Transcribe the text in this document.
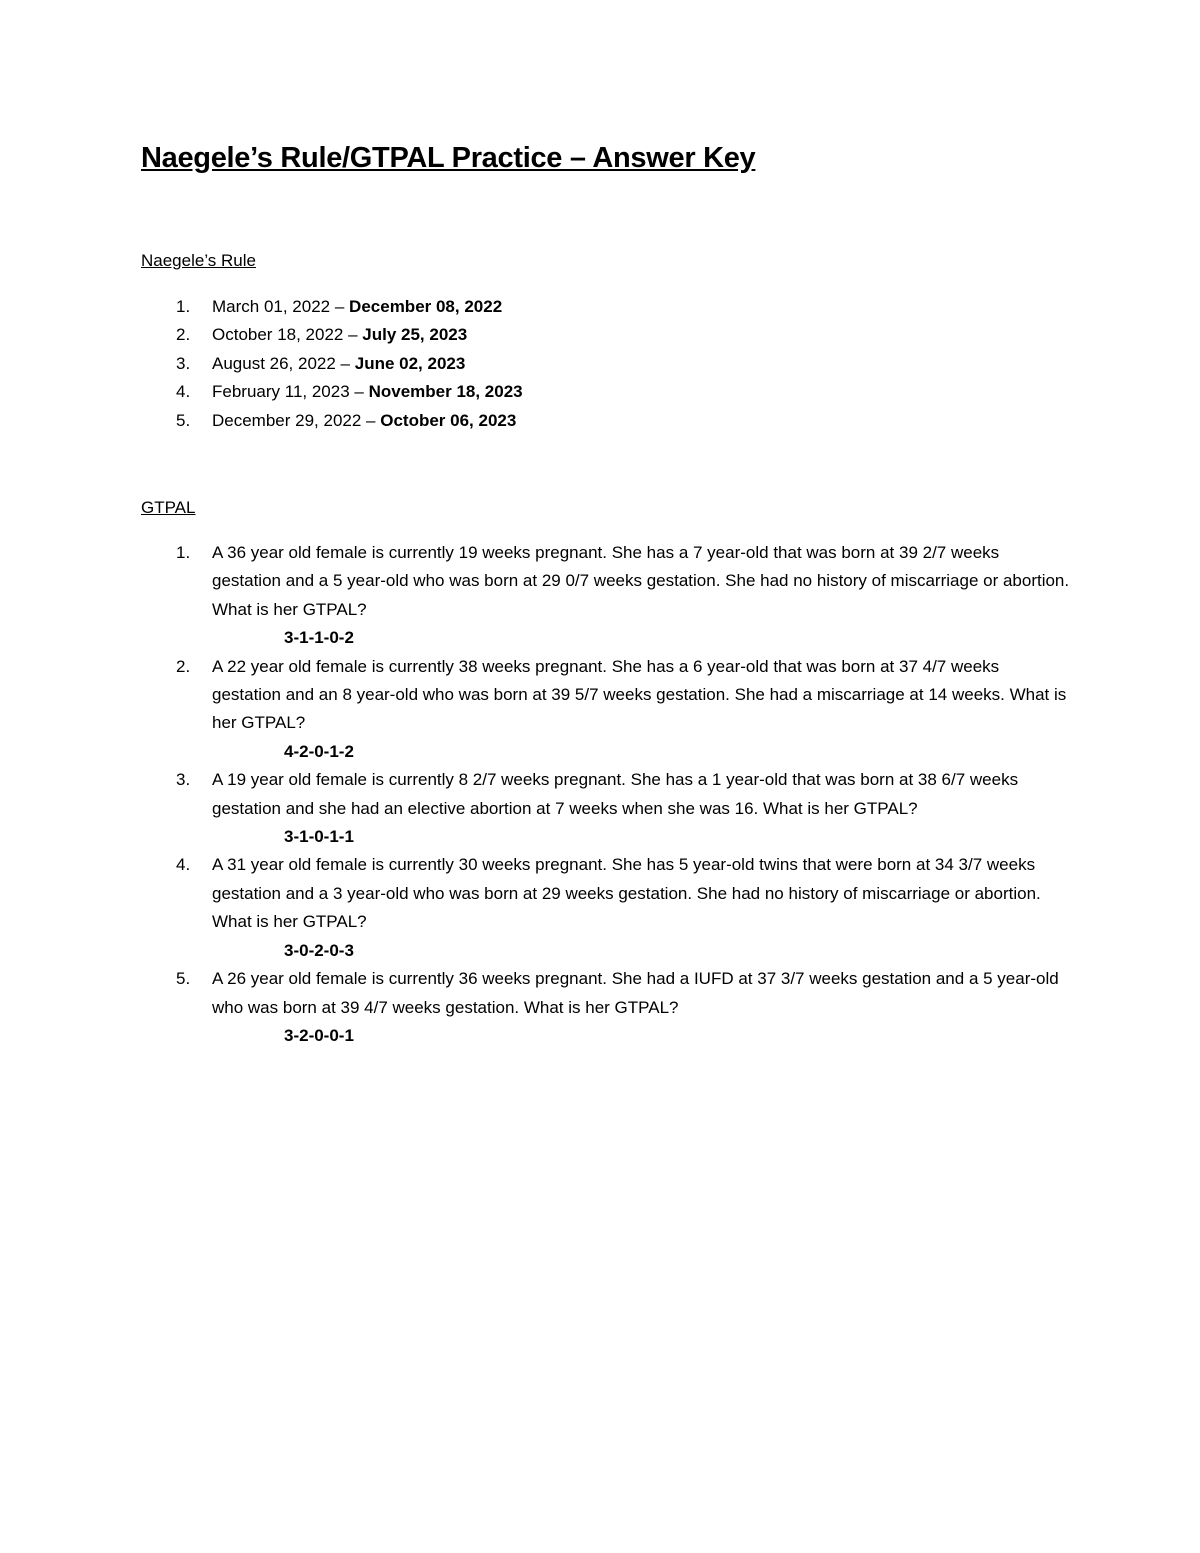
Naegele’s Rule/GTPAL Practice – Answer Key

Naegele’s Rule

1. March 01, 2022 – December 08, 2022
2. October 18, 2022 – July 25, 2023
3. August 26, 2022 – June 02, 2023
4. February 11, 2023 – November 18, 2023
5. December 29, 2022 – October 06, 2023

GTPAL

1. A 36 year old female is currently 19 weeks pregnant. She has a 7 year-old that was born at 39 2/7 weeks gestation and a 5 year-old who was born at 29 0/7 weeks gestation. She had no history of miscarriage or abortion. What is her GTPAL?
3-1-1-0-2
2. A 22 year old female is currently 38 weeks pregnant. She has a 6 year-old that was born at 37 4/7 weeks gestation and an 8 year-old who was born at 39 5/7 weeks gestation. She had a miscarriage at 14 weeks. What is her GTPAL?
4-2-0-1-2
3. A 19 year old female is currently 8 2/7 weeks pregnant. She has a 1 year-old that was born at 38 6/7 weeks gestation and she had an elective abortion at 7 weeks when she was 16. What is her GTPAL?
3-1-0-1-1
4. A 31 year old female is currently 30 weeks pregnant. She has 5 year-old twins that were born at 34 3/7 weeks gestation and a 3 year-old who was born at 29 weeks gestation. She had no history of miscarriage or abortion. What is her GTPAL?
3-0-2-0-3
5. A 26 year old female is currently 36 weeks pregnant. She had a IUFD at 37 3/7 weeks gestation and a 5 year-old who was born at 39 4/7 weeks gestation. What is her GTPAL?
3-2-0-0-1
